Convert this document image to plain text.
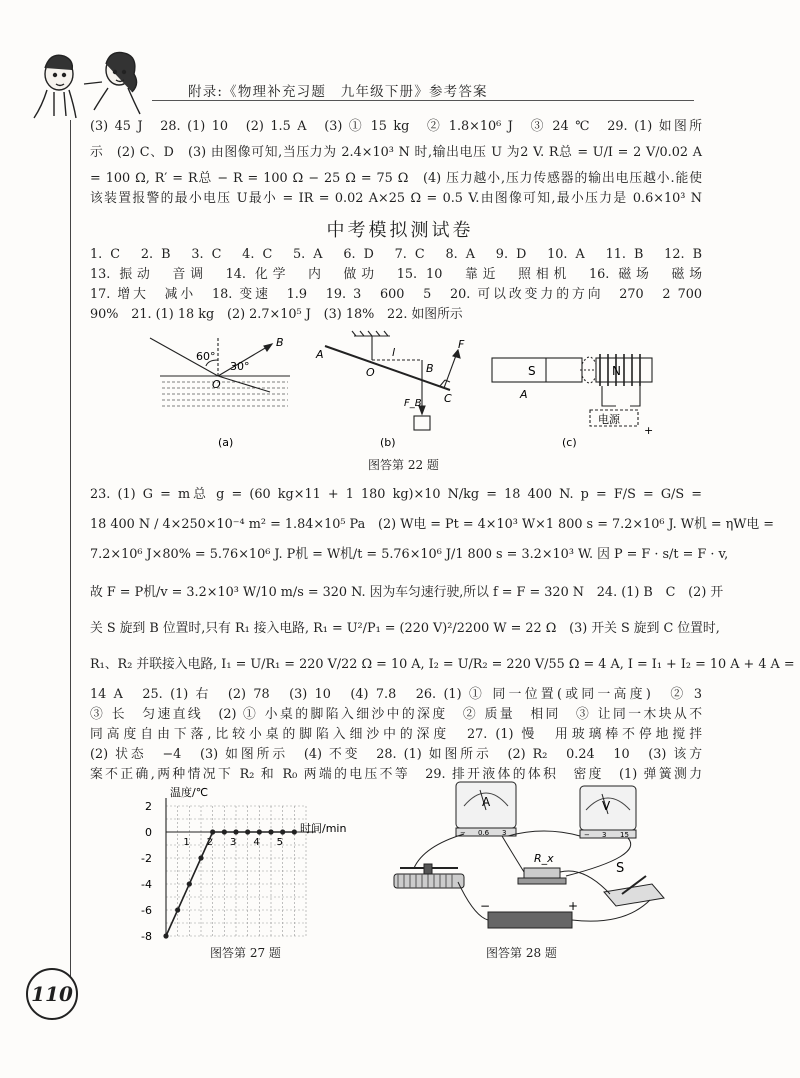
附录:《物理补充习题　九年级下册》参考答案
(3) 45 J　28. (1) 10　(2) 1.5 A　(3) ① 15 kg　② 1.8×10⁶ J　③ 24 ℃　29. (1) 如图所
示　(2) C、D　(3) 由图像可知,当压力为 2.4×10³ N 时,输出电压 U 为2 V. R总 = U/I = 2 V/0.02 A
= 100 Ω, R′ = R总 − R = 100 Ω − 25 Ω = 75 Ω　(4) 压力越小,压力传感器的输出电压越小.能使
该装置报警的最小电压 U最小 = IR = 0.02 A×25 Ω = 0.5 V.由图像可知,最小压力是 0.6×10³ N
中考模拟测试卷
1. C　2. B　3. C　4. C　5. A　6. D　7. C　8. A　9. D　10. A　11. B　12. B
13. 振动　音调　14. 化学　内　做功　15. 10　靠近　照相机　16. 磁场　磁场
17. 增大　减小　18. 变速　1.9　19. 3　600　5　20. 可以改变力的方向　270　2 700
90%　21. (1) 18 kg　(2) 2.7×10⁵ J　(3) 18%　22. 如图所示
60°
30°
O
B
A
O
l
B
C
F
F_B
S	N
A
电源
+
(a)	(b)	(c)
图答第 22 题
23. (1) G = m总 g = (60 kg×11 + 1 180 kg)×10 N/kg = 18 400 N. p = F/S = G/S =
18 400 N / 4×250×10⁻⁴ m² = 1.84×10⁵ Pa　(2) W电 = Pt = 4×10³ W×1 800 s = 7.2×10⁶ J. W机 = ηW电 =
7.2×10⁶ J×80% = 5.76×10⁶ J. P机 = W机/t = 5.76×10⁶ J/1 800 s = 3.2×10³ W. 因 P = F · s/t = F · v,
故 F = P机/v = 3.2×10³ W/10 m/s = 320 N. 因为车匀速行驶,所以 f = F = 320 N　24. (1) B　C　(2) 开
关 S 旋到 B 位置时,只有 R₁ 接入电路, R₁ = U²/P₁ = (220 V)²/2200 W = 22 Ω　(3) 开关 S 旋到 C 位置时,
R₁、R₂ 并联接入电路, I₁ = U/R₁ = 220 V/22 Ω = 10 A, I₂ = U/R₂ = 220 V/55 Ω = 4 A, I = I₁ + I₂ = 10 A + 4 A =
14 A　25. (1) 右　(2) 78　(3) 10　(4) 7.8　26. (1) ① 同一位置(或同一高度)　② 3
③ 长　匀速直线　(2) ① 小桌的脚陷入细沙中的深度　② 质量　相同　③ 让同一木块从不
同高度自由下落,比较小桌的脚陷入细沙中的深度　27. (1) 慢　用玻璃棒不停地搅拌
(2) 状态　−4　(3) 如图所示　(4) 不变　28. (1) 如图所示　(2) R₂　0.24　10　(3) 该方
案不正确,两种情况下 R₂ 和 R₀ 两端的电压不等　29. 排开液体的体积　密度　(1) 弹簧测力
2
0
-2
-4
-6
-8
1 2 3 4 5
温度/℃
时间/min
图答第 27 题
A	V
− 0.6 3	− 3 15
R_x
S
−	+
图答第 28 题
110
